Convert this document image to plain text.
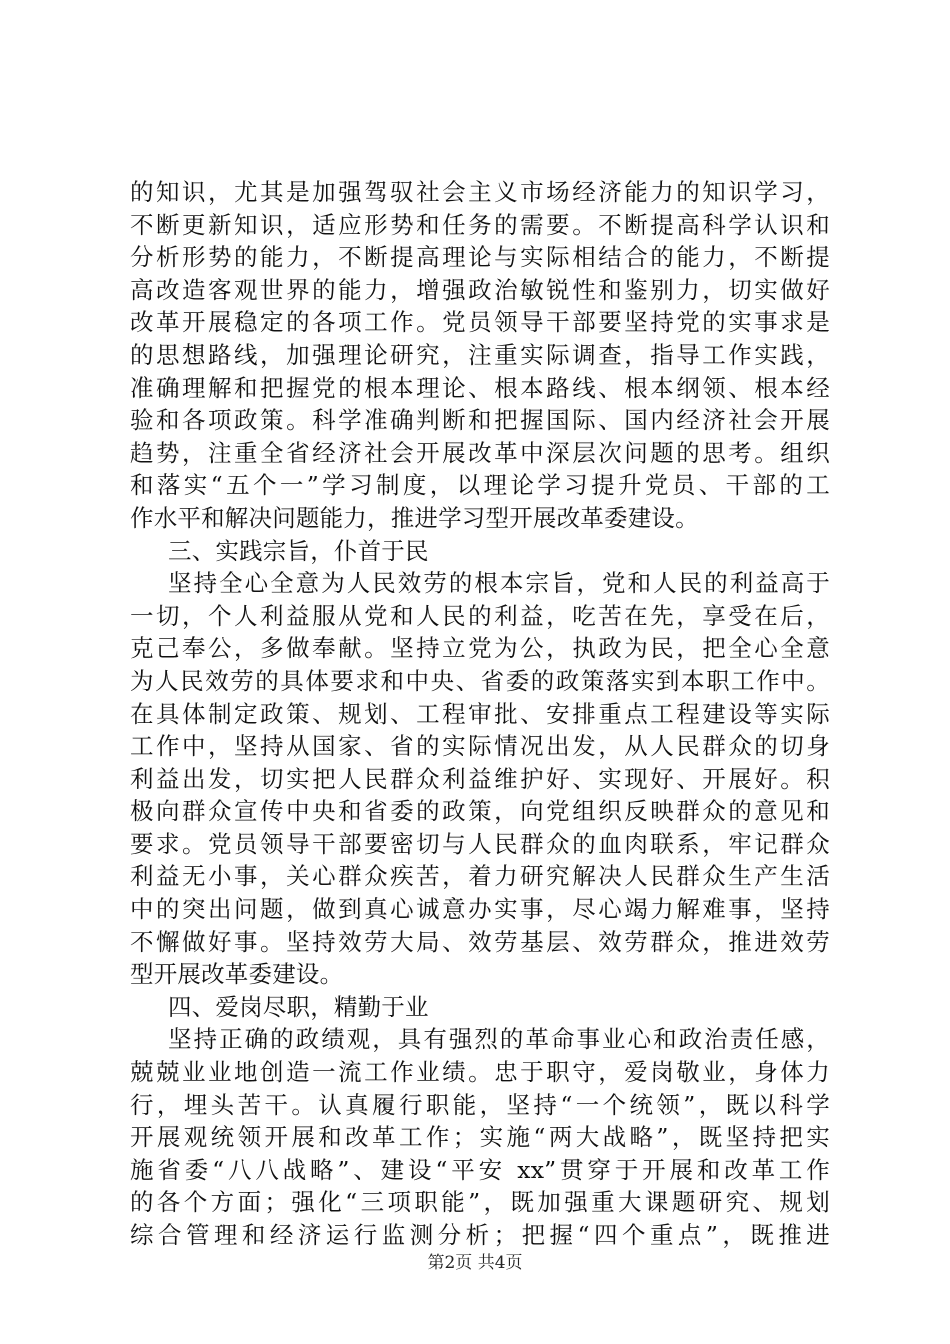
的知识，尤其是加强驾驭社会主义市场经济能力的知识学习，
不断更新知识，适应形势和任务的需要。不断提高科学认识和
分析形势的能力，不断提高理论与实际相结合的能力，不断提
高改造客观世界的能力，增强政治敏锐性和鉴别力，切实做好
改革开展稳定的各项工作。党员领导干部要坚持党的实事求是
的思想路线，加强理论研究，注重实际调查，指导工作实践，
准确理解和把握党的根本理论、根本路线、根本纲领、根本经
验和各项政策。科学准确判断和把握国际、国内经济社会开展
趋势，注重全省经济社会开展改革中深层次问题的思考。组织
和落实“五个一”学习制度，以理论学习提升党员、干部的工
作水平和解决问题能力，推进学习型开展改革委建设。
三、实践宗旨，仆首于民
坚持全心全意为人民效劳的根本宗旨，党和人民的利益高于
一切，个人利益服从党和人民的利益，吃苦在先，享受在后，
克己奉公，多做奉献。坚持立党为公，执政为民，把全心全意
为人民效劳的具体要求和中央、省委的政策落实到本职工作中。
在具体制定政策、规划、工程审批、安排重点工程建设等实际
工作中，坚持从国家、省的实际情况出发，从人民群众的切身
利益出发，切实把人民群众利益维护好、实现好、开展好。积
极向群众宣传中央和省委的政策，向党组织反映群众的意见和
要求。党员领导干部要密切与人民群众的血肉联系，牢记群众
利益无小事，关心群众疾苦，着力研究解决人民群众生产生活
中的突出问题，做到真心诚意办实事，尽心竭力解难事，坚持
不懈做好事。坚持效劳大局、效劳基层、效劳群众，推进效劳
型开展改革委建设。
四、爱岗尽职，精勤于业
坚持正确的政绩观，具有强烈的革命事业心和政治责任感，
兢兢业业地创造一流工作业绩。忠于职守，爱岗敬业，身体力
行，埋头苦干。认真履行职能，坚持“一个统领”，既以科学
开展观统领开展和改革工作；实施“两大战略”，既坚持把实
施省委“八八战略”、建设“平安 xx”贯穿于开展和改革工作
的各个方面；强化“三项职能”，既加强重大课题研究、规划
综合管理和经济运行监测分析；把握“四个重点”，既推进
第2页 共4页
